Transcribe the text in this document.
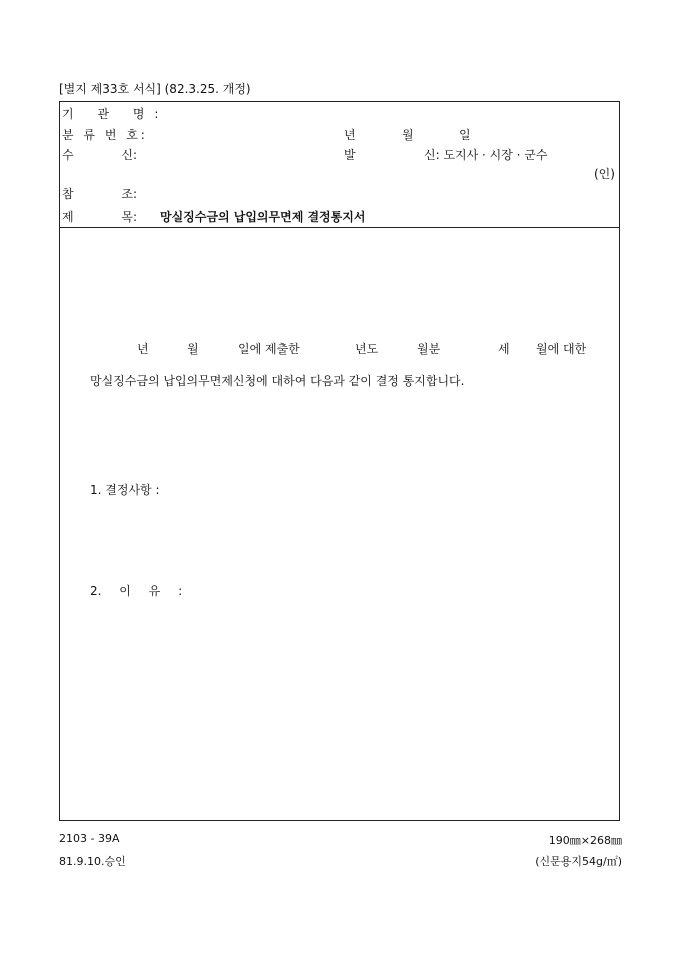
[별지 제33호 서식] (82.3.25. 개정)
기 관 명:
분 류 번 호:	년	월	일
수 신:	발	신: 도지사 · 시장 · 군수
(인)
참 조:
제 목: 망실징수금의 납입의무면제 결정통지서
년	월	일에 제출한	년도	월분	세 월에 대한
망실징수금의 납입의무면제신청에 대하여 다음과 같이 결정 통지합니다.
1. 결정사항 :
2. 이 유 :
2103 - 39A
81.9.10.승인
190㎜×268㎜
(신문용지54g/㎡)
